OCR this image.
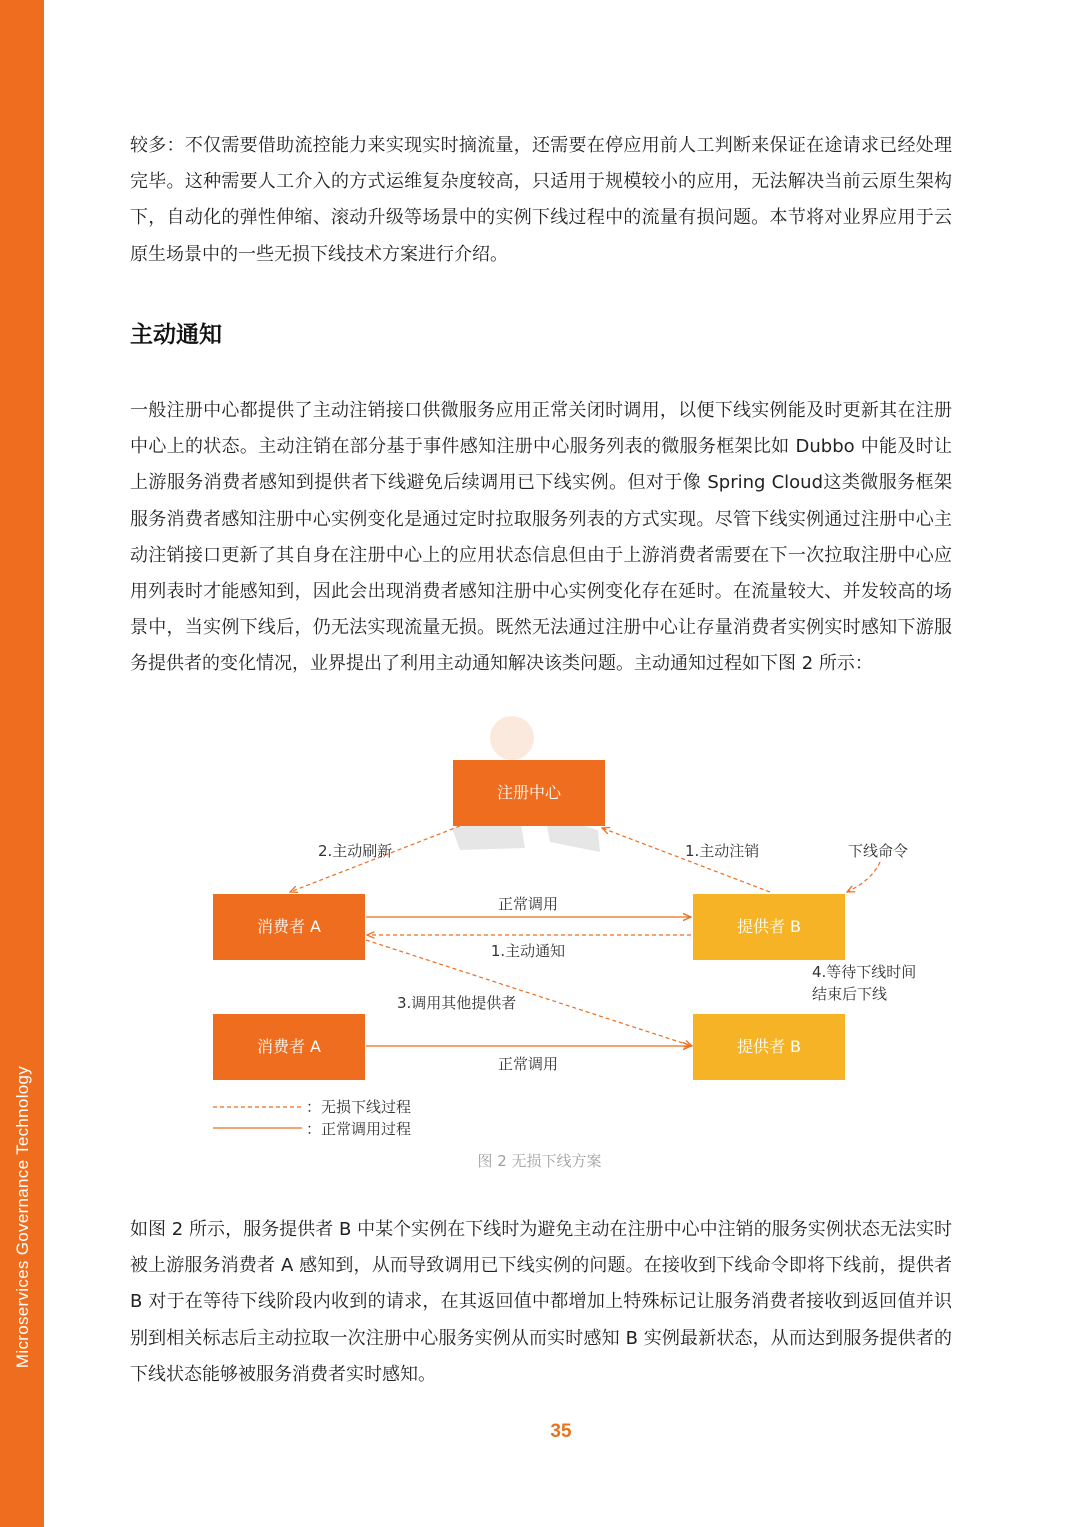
Microservices Governance Technology

较多：不仅需要借助流控能力来实现实时摘流量，还需要在停应用前人工判断来保证在途请求已经处理完毕。这种需要人工介入的方式运维复杂度较高，只适用于规模较小的应用，无法解决当前云原生架构下，自动化的弹性伸缩、滚动升级等场景中的实例下线过程中的流量有损问题。本节将对业界应用于云原生场景中的一些无损下线技术方案进行介绍。

主动通知

一般注册中心都提供了主动注销接口供微服务应用正常关闭时调用，以便下线实例能及时更新其在注册中心上的状态。主动注销在部分基于事件感知注册中心服务列表的微服务框架比如 Dubbo 中能及时让上游服务消费者感知到提供者下线避免后续调用已下线实例。但对于像 Spring Cloud这类微服务框架服务消费者感知注册中心实例变化是通过定时拉取服务列表的方式实现。尽管下线实例通过注册中心主动注销接口更新了其自身在注册中心上的应用状态信息但由于上游消费者需要在下一次拉取注册中心应用列表时才能感知到，因此会出现消费者感知注册中心实例变化存在延时。在流量较大、并发较高的场景中，当实例下线后，仍无法实现流量无损。既然无法通过注册中心让存量消费者实例实时感知下游服务提供者的变化情况，业界提出了利用主动通知解决该类问题。主动通知过程如下图 2 所示：

注册中心
消费者 A	提供者 B
消费者 A	提供者 B
2.主动刷新	1.主动注销	下线命令
正常调用
1.主动通知
4.等待下线时间
结束后下线
3.调用其他提供者
正常调用
：无损下线过程
：正常调用过程
图 2 无损下线方案

如图 2 所示，服务提供者 B 中某个实例在下线时为避免主动在注册中心中注销的服务实例状态无法实时被上游服务消费者 A 感知到，从而导致调用已下线实例的问题。在接收到下线命令即将下线前，提供者 B 对于在等待下线阶段内收到的请求，在其返回值中都增加上特殊标记让服务消费者接收到返回值并识别到相关标志后主动拉取一次注册中心服务实例从而实时感知 B 实例最新状态，从而达到服务提供者的下线状态能够被服务消费者实时感知。

35
